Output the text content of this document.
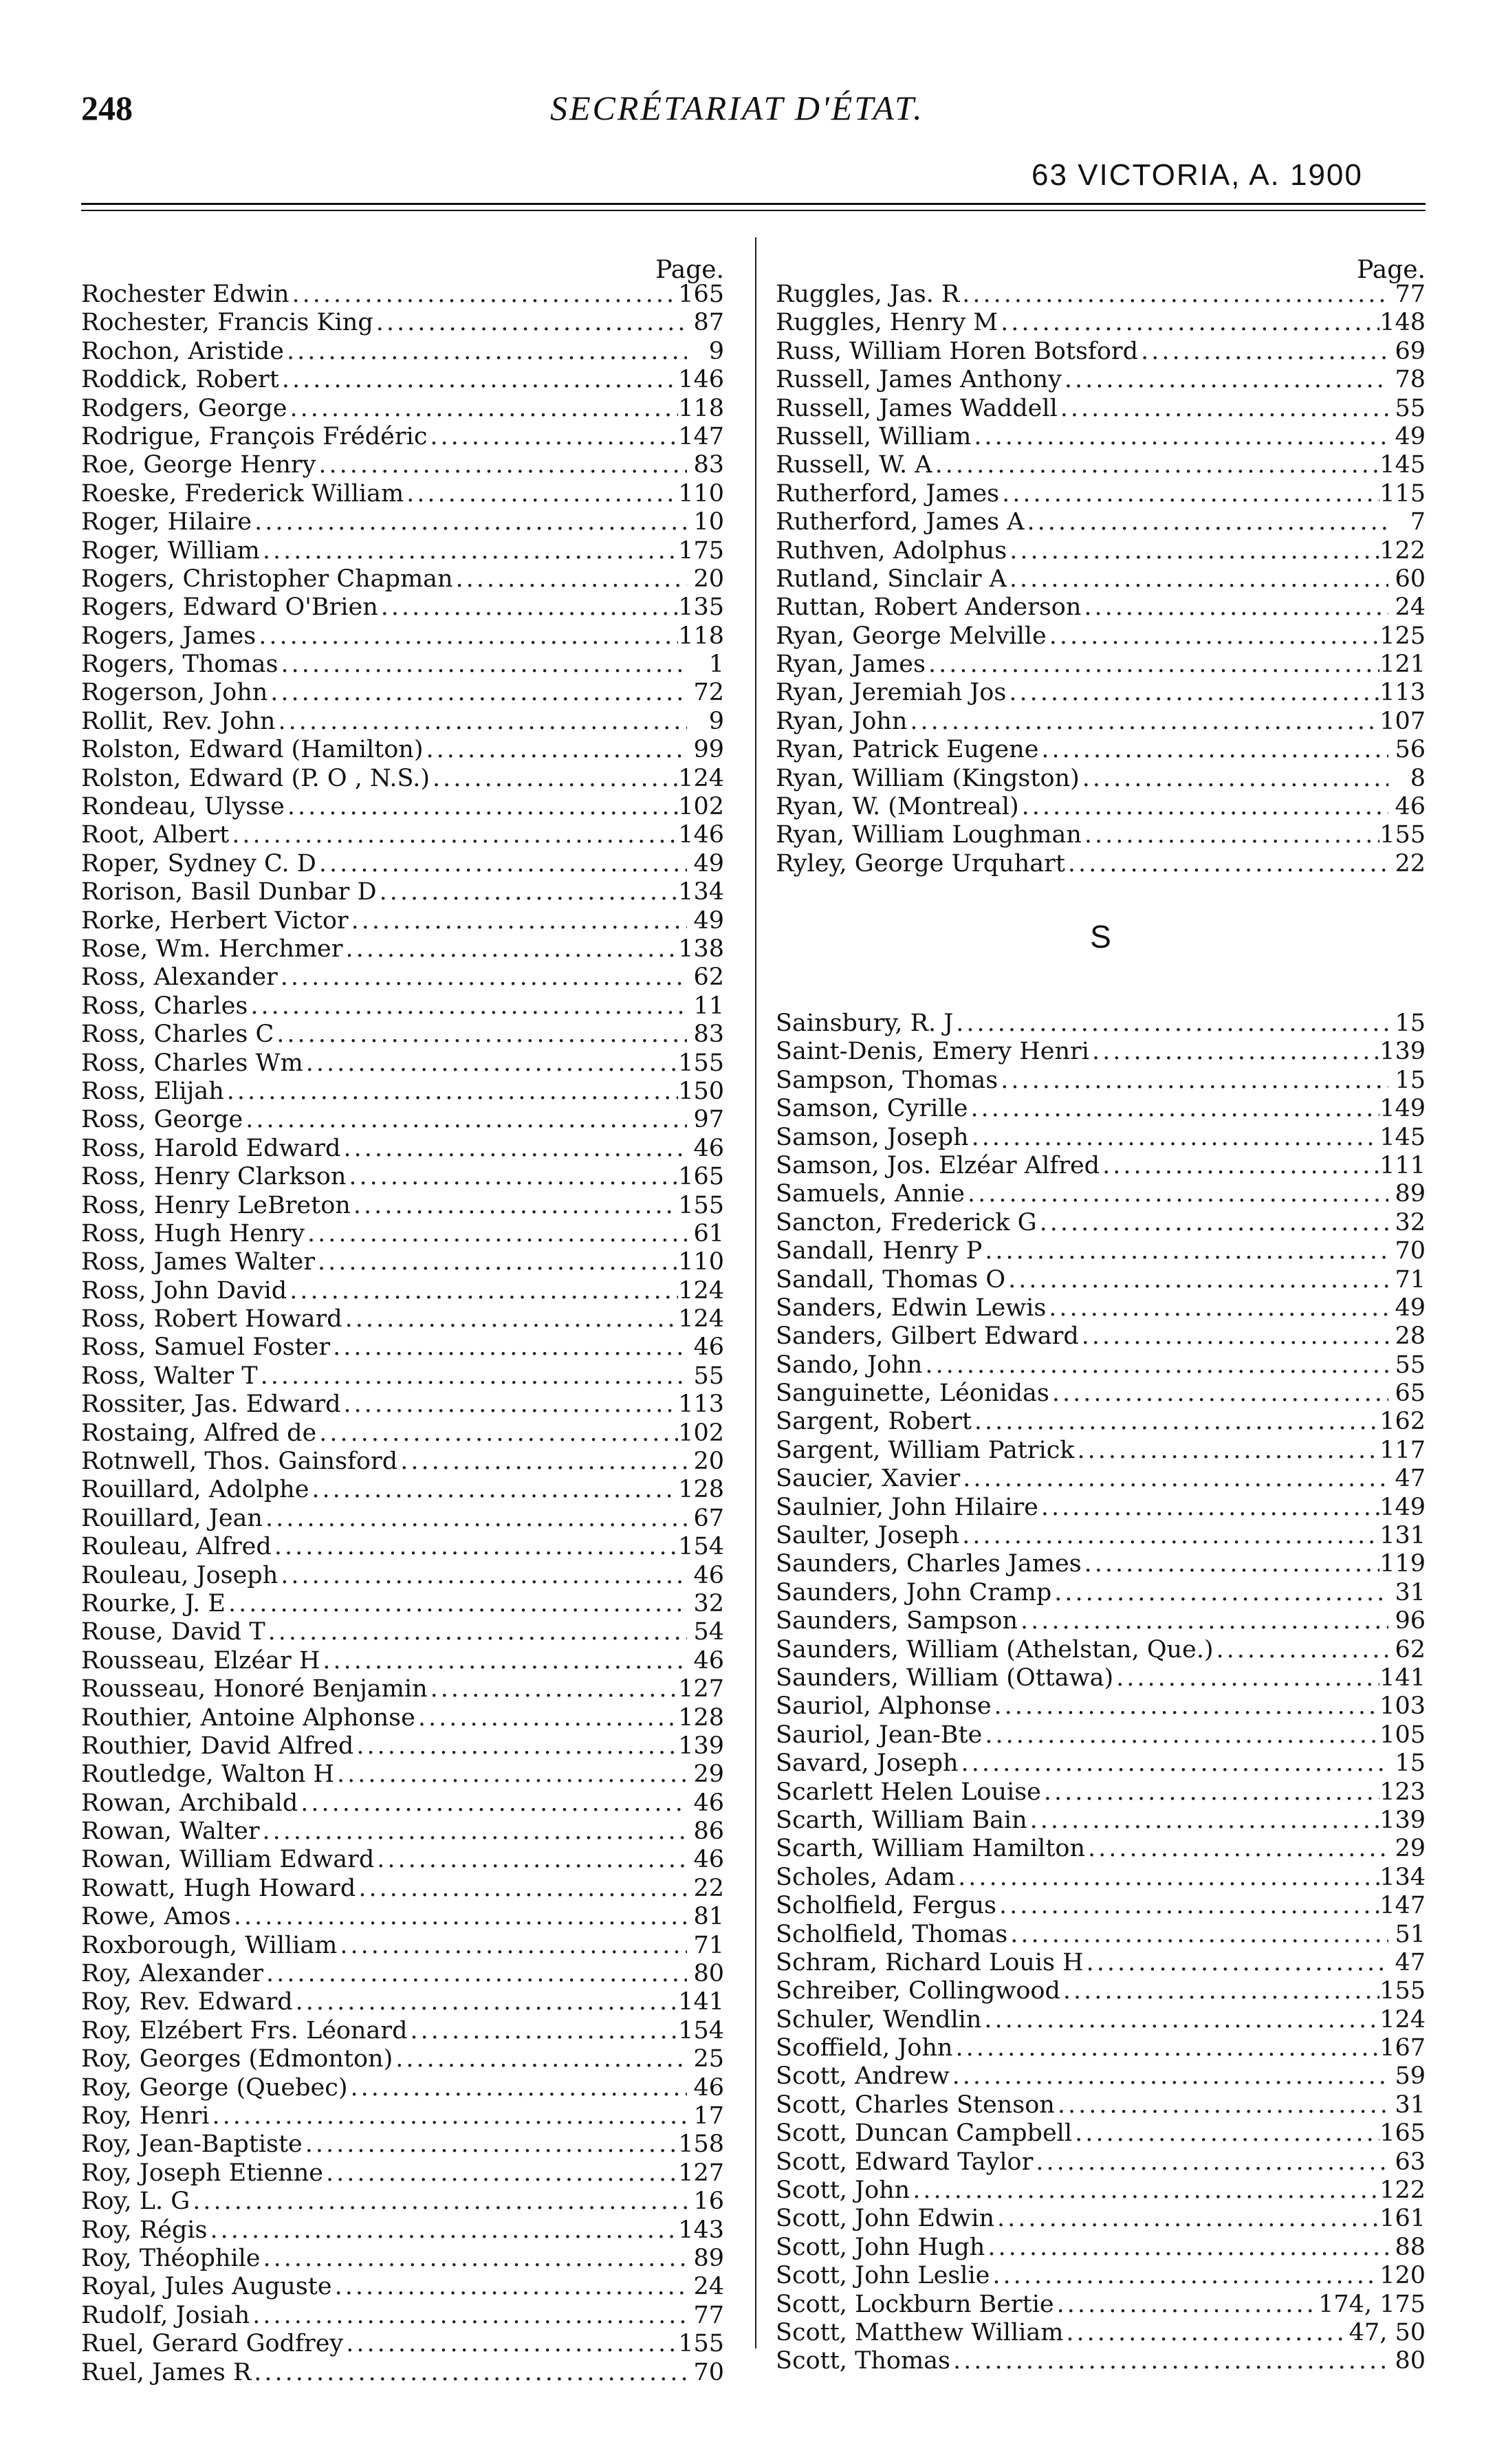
248	SECRÉTARIAT D'ÉTAT.
63 VICTORIA, A. 1900
Page.
Rochester Edwin .....	165
Rochester, Francis King .....	87
Rochon, Aristide .....	9
Roddick, Robert .....	146
Rodgers, George .....	118
Rodrigue, François Frédéric .....	147
Roe, George Henry .....	83
Roeske, Frederick William .....	110
Roger, Hilaire .....	10
Roger, William .....	175
Rogers, Christopher Chapman .....	20
Rogers, Edward O'Brien .....	135
Rogers, James .....	118
Rogers, Thomas .....	1
Rogerson, John .....	72
Rollit, Rev. John .....	9
Rolston, Edward (Hamilton) .....	99
Rolston, Edward (P. O , N.S.) .....	124
Rondeau, Ulysse .....	102
Root, Albert .....	146
Roper, Sydney C. D .....	49
Rorison, Basil Dunbar D .....	134
Rorke, Herbert Victor .....	49
Rose, Wm. Herchmer .....	138
Ross, Alexander .....	62
Ross, Charles .....	11
Ross, Charles C .....	83
Ross, Charles Wm .....	155
Ross, Elijah .....	150
Ross, George .....	97
Ross, Harold Edward .....	46
Ross, Henry Clarkson .....	165
Ross, Henry LeBreton .....	155
Ross, Hugh Henry .....	61
Ross, James Walter .....	110
Ross, John David .....	124
Ross, Robert Howard .....	124
Ross, Samuel Foster .....	46
Ross, Walter T .....	55
Rossiter, Jas. Edward .....	113
Rostaing, Alfred de .....	102
Rotnwell, Thos. Gainsford .....	20
Rouillard, Adolphe .....	128
Rouillard, Jean .....	67
Rouleau, Alfred .....	154
Rouleau, Joseph .....	46
Rourke, J. E .....	32
Rouse, David T .....	54
Rousseau, Elzéar H .....	46
Rousseau, Honoré Benjamin .....	127
Routhier, Antoine Alphonse .....	128
Routhier, David Alfred .....	139
Routledge, Walton H .....	29
Rowan, Archibald .....	46
Rowan, Walter .....	86
Rowan, William Edward .....	46
Rowatt, Hugh Howard .....	22
Rowe, Amos .....	81
Roxborough, William .....	71
Roy, Alexander .....	80
Roy, Rev. Edward .....	141
Roy, Elzébert Frs. Léonard .....	154
Roy, Georges (Edmonton) .....	25
Roy, George (Quebec) .....	46
Roy, Henri .....	17
Roy, Jean-Baptiste .....	158
Roy, Joseph Etienne .....	127
Roy, L. G .....	16
Roy, Régis .....	143
Roy, Théophile .....	89
Royal, Jules Auguste .....	24
Rudolf, Josiah .....	77
Ruel, Gerard Godfrey .....	155
Ruel, James R .....	70
Page.
Ruggles, Jas. R .....	77
Ruggles, Henry M .....	148
Russ, William Horen Botsford .....	69
Russell, James Anthony .....	78
Russell, James Waddell .....	55
Russell, William .....	49
Russell, W. A .....	145
Rutherford, James .....	115
Rutherford, James A .....	7
Ruthven, Adolphus .....	122
Rutland, Sinclair A .....	60
Ruttan, Robert Anderson .....	24
Ryan, George Melville .....	125
Ryan, James .....	121
Ryan, Jeremiah Jos .....	113
Ryan, John .....	107
Ryan, Patrick Eugene .....	56
Ryan, William (Kingston) .....	8
Ryan, W. (Montreal) .....	46
Ryan, William Loughman .....	155
Ryley, George Urquhart .....	22
S
Sainsbury, R. J .....	15
Saint-Denis, Emery Henri .....	139
Sampson, Thomas .....	15
Samson, Cyrille .....	149
Samson, Joseph .....	145
Samson, Jos. Elzéar Alfred .....	111
Samuels, Annie .....	89
Sancton, Frederick G .....	32
Sandall, Henry P .....	70
Sandall, Thomas O .....	71
Sanders, Edwin Lewis .....	49
Sanders, Gilbert Edward .....	28
Sando, John .....	55
Sanguinette, Léonidas .....	65
Sargent, Robert .....	162
Sargent, William Patrick .....	117
Saucier, Xavier .....	47
Saulnier, John Hilaire .....	149
Saulter, Joseph .....	131
Saunders, Charles James .....	119
Saunders, John Cramp .....	31
Saunders, Sampson .....	96
Saunders, William (Athelstan, Que.) .....	62
Saunders, William (Ottawa) .....	141
Sauriol, Alphonse .....	103
Sauriol, Jean-Bte .....	105
Savard, Joseph .....	15
Scarlett Helen Louise .....	123
Scarth, William Bain .....	139
Scarth, William Hamilton .....	29
Scholes, Adam .....	134
Scholfield, Fergus .....	147
Scholfield, Thomas .....	51
Schram, Richard Louis H .....	47
Schreiber, Collingwood .....	155
Schuler, Wendlin .....	124
Scoffield, John .....	167
Scott, Andrew .....	59
Scott, Charles Stenson .....	31
Scott, Duncan Campbell .....	165
Scott, Edward Taylor .....	63
Scott, John .....	122
Scott, John Edwin .....	161
Scott, John Hugh .....	88
Scott, John Leslie .....	120
Scott, Lockburn Bertie .....	174, 175
Scott, Matthew William .....	47, 50
Scott, Thomas .....	80
